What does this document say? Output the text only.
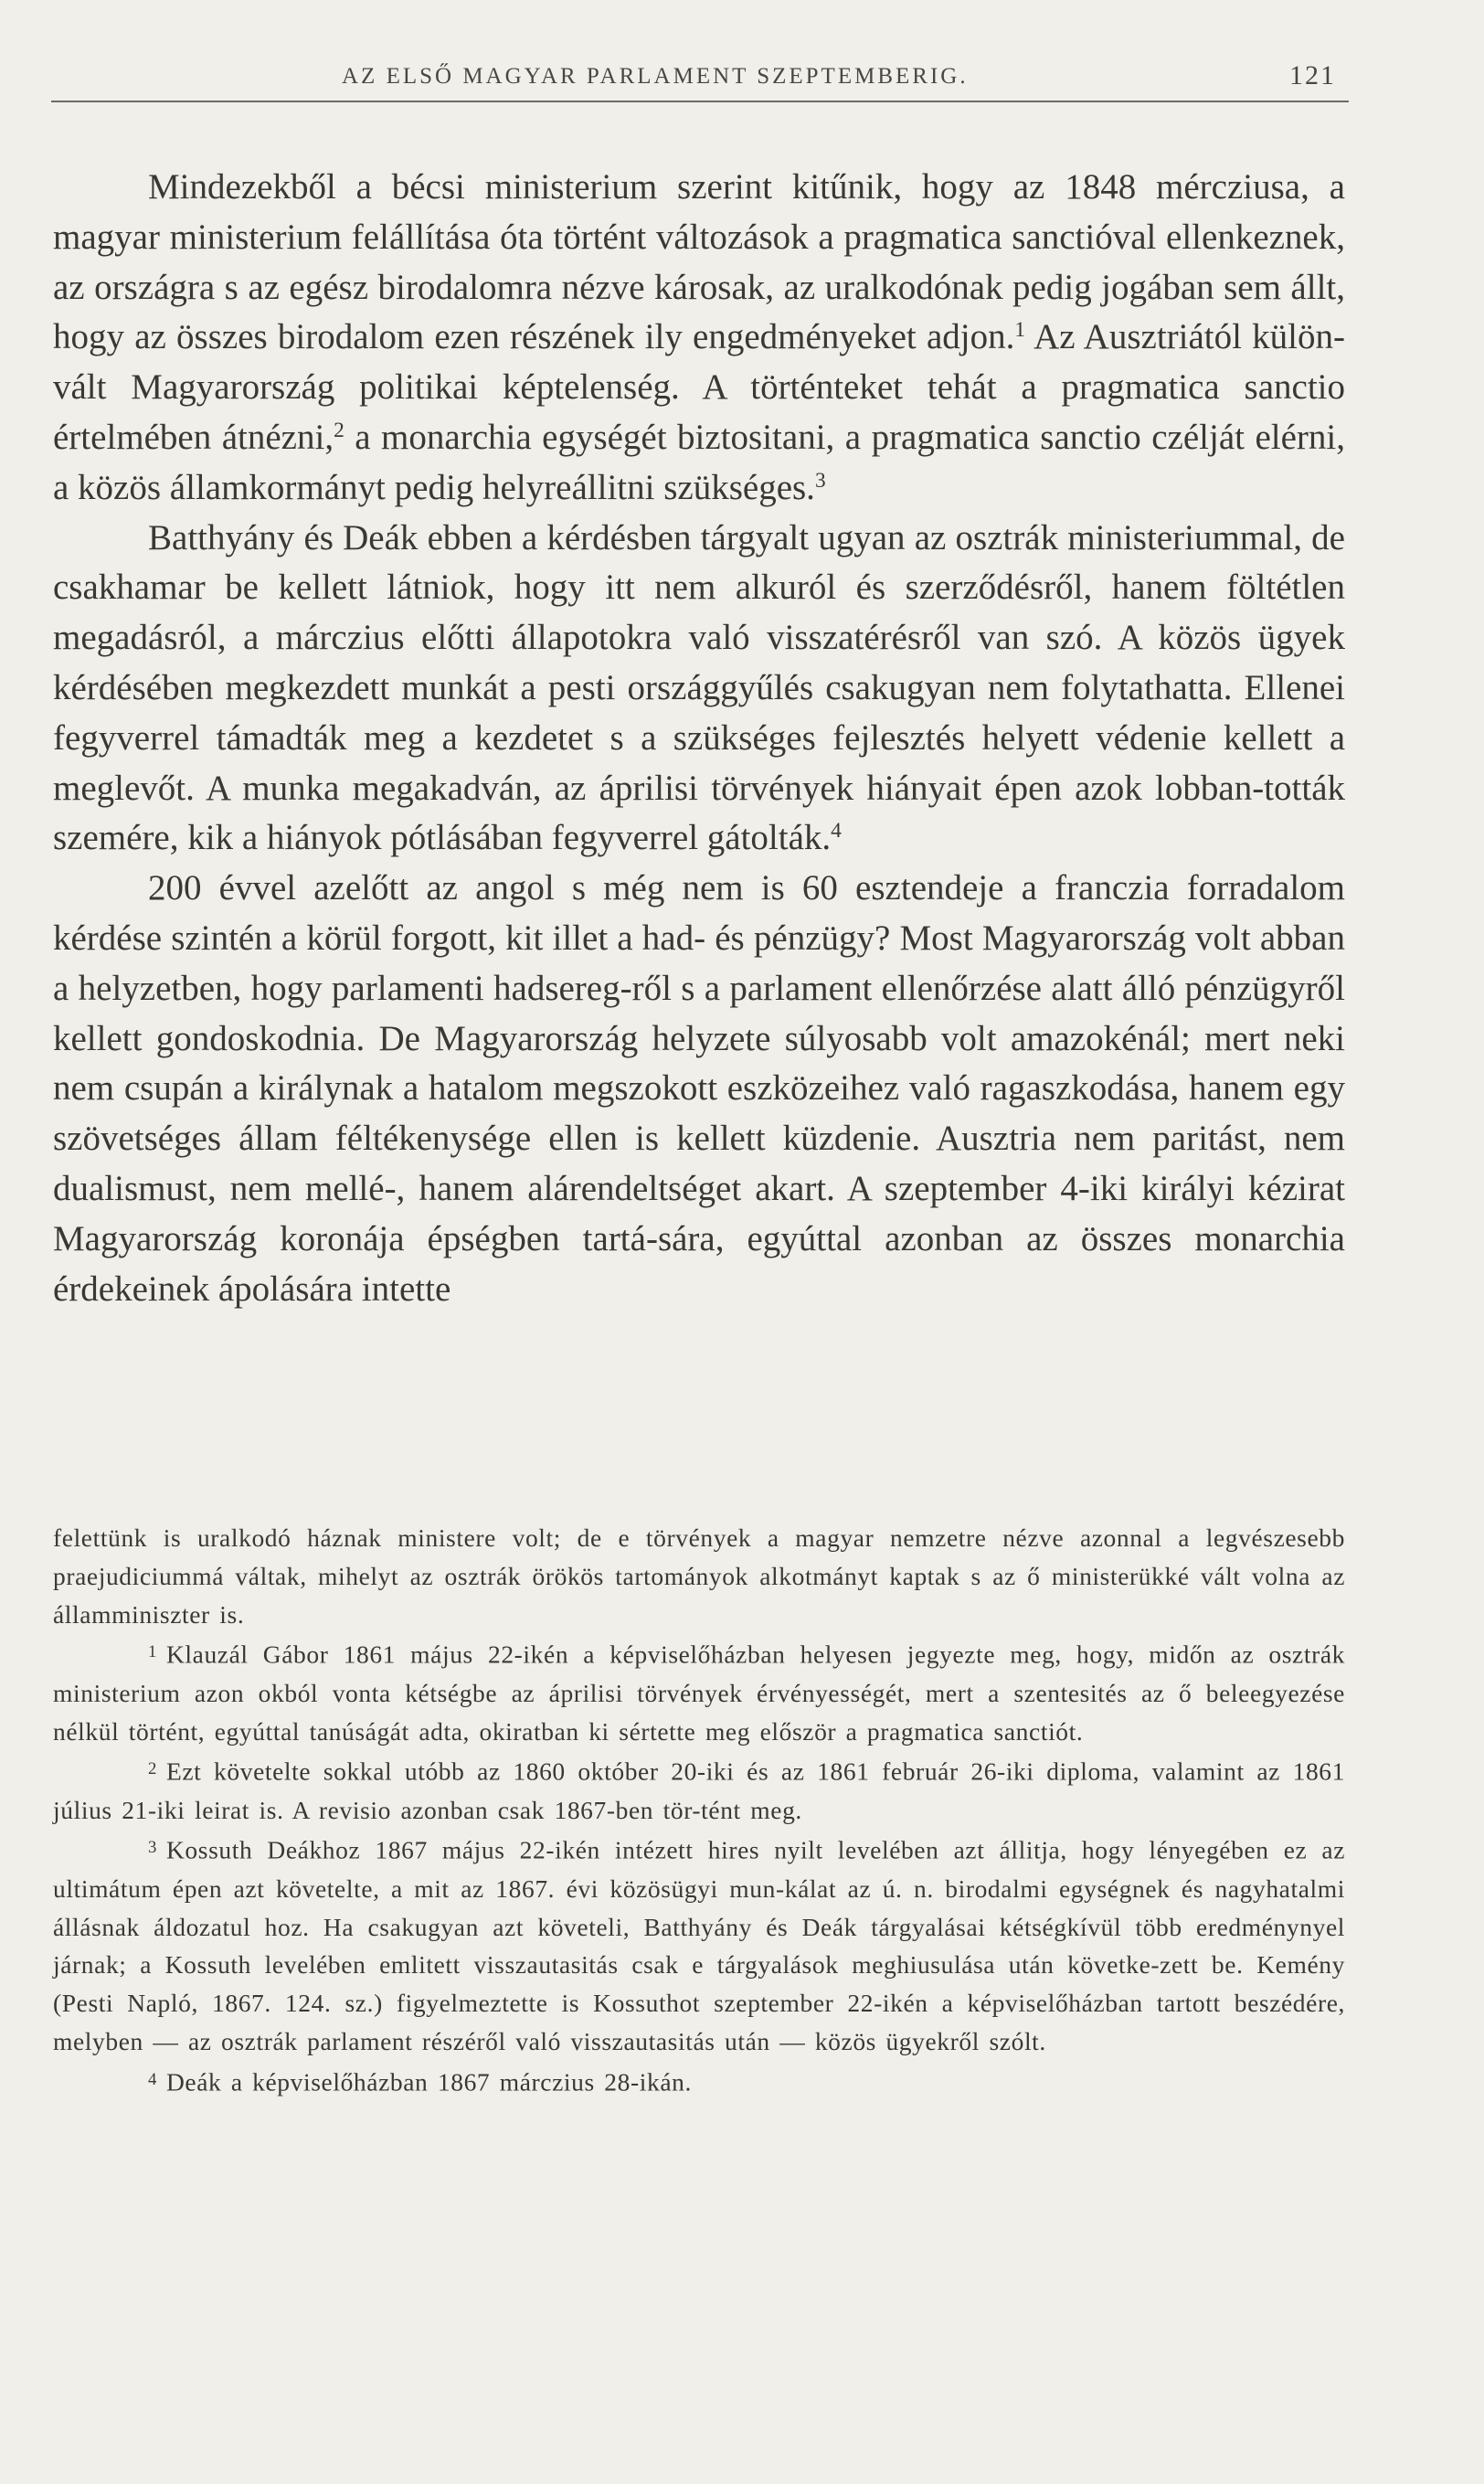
AZ ELSŐ MAGYAR PARLAMENT SZEPTEMBERIG.	121

Mindezekből a bécsi ministerium szerint kitűnik, hogy az 1848 mércziusa, a magyar ministerium felállítása óta történt változások a pragmatica sanctióval ellenkeznek, az országra s az egész birodalomra nézve károsak, az uralkodónak pedig jogában sem állt, hogy az összes birodalom ezen részének ily engedményeket adjon.$^1$ Az Ausztriától külön-vált Magyarország politikai képtelenség. A történteket tehát a pragmatica sanctio értelmében átnézni,$^2$ a monarchia egységét biztositani, a pragmatica sanctio czélját elérni, a közös államkormányt pedig helyreállitni szükséges.$^3$

Batthyány és Deák ebben a kérdésben tárgyalt ugyan az osztrák ministeriummal, de csakhamar be kellett látniok, hogy itt nem alkuról és szerződésről, hanem föltétlen megadásról, a márczius előtti állapotokra való visszatérésről van szó. A közös ügyek kérdésében megkezdett munkát a pesti országgyűlés csakugyan nem folytathatta. Ellenei fegyverrel támadták meg a kezdetet s a szükséges fejlesztés helyett védenie kellett a meglevőt. A munka megakadván, az áprilisi törvények hiányait épen azok lobban-tották szemére, kik a hiányok pótlásában fegyverrel gátolták.$^4$

200 évvel azelőtt az angol s még nem is 60 esztendeje a franczia forradalom kérdése szintén a körül forgott, kit illet a had- és pénzügy? Most Magyarország volt abban a helyzetben, hogy parlamenti hadsereg-ről s a parlament ellenőrzése alatt álló pénzügyről kellett gondoskodnia. De Magyarország helyzete súlyosabb volt amazokénál; mert neki nem csupán a királynak a hatalom megszokott eszközeihez való ragaszkodása, hanem egy szövetséges állam féltékenysége ellen is kellett küzdenie. Ausztria nem paritást, nem dualismust, nem mellé-, hanem alárendeltséget akart. A szeptember 4-iki királyi kézirat Magyarország koronája épségben tartá-sára, egyúttal azonban az összes monarchia érdekeinek ápolására intette

felettünk is uralkodó háznak ministere volt; de e törvények a magyar nemzetre nézve azonnal a legvészesebb praejudiciummá váltak, mihelyt az osztrák örökös tartományok alkotmányt kaptak s az ő ministerükké vált volna az államminiszter is.

$^1$ Klauzál Gábor 1861 május 22-ikén a képviselőházban helyesen jegyezte meg, hogy, midőn az osztrák ministerium azon okból vonta kétségbe az áprilisi törvények érvényességét, mert a szentesités az ő beleegyezése nélkül történt, egyúttal tanúságát adta, okiratban ki sértette meg először a pragmatica sanctiót.

$^2$ Ezt követelte sokkal utóbb az 1860 október 20-iki és az 1861 február 26-iki diploma, valamint az 1861 július 21-iki leirat is. A revisio azonban csak 1867-ben tör-tént meg.

$^3$ Kossuth Deákhoz 1867 május 22-ikén intézett hires nyilt levelében azt állitja, hogy lényegében ez az ultimátum épen azt követelte, a mit az 1867. évi közösügyi mun-kálat az ú. n. birodalmi egységnek és nagyhatalmi állásnak áldozatul hoz. Ha csakugyan azt követeli, Batthyány és Deák tárgyalásai kétségkívül több eredménynyel járnak; a Kossuth levelében emlitett visszautasitás csak e tárgyalások meghiusulása után követke-zett be. Kemény (Pesti Napló, 1867. 124. sz.) figyelmeztette is Kossuthot szeptember 22-ikén a képviselőházban tartott beszédére, melyben — az osztrák parlament részéről való visszautasitás után — közös ügyekről szólt.

$^4$ Deák a képviselőházban 1867 márczius 28-ikán.
